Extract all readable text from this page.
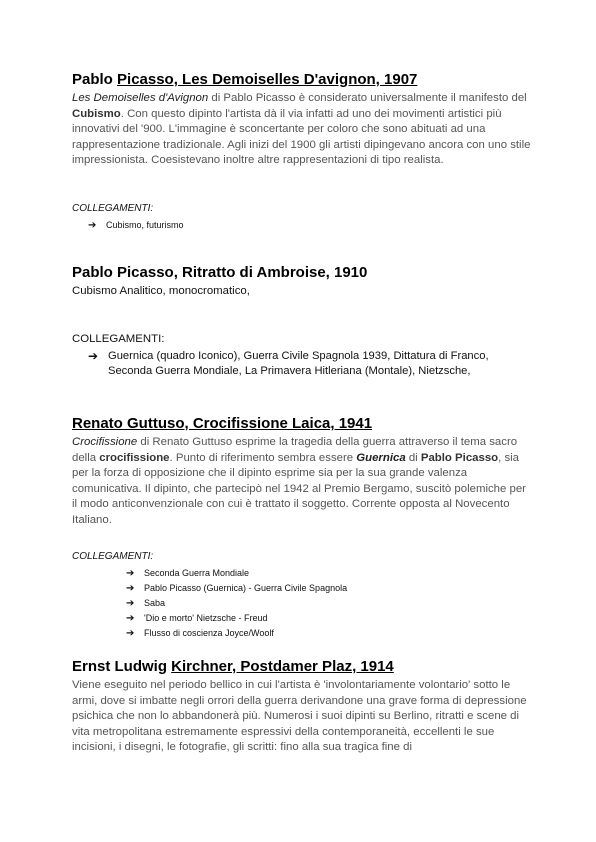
Pablo Picasso, Les Demoiselles D'avignon, 1907

Les Demoiselles d'Avignon di Pablo Picasso è considerato universalmente il manifesto del Cubismo. Con questo dipinto l'artista dà il via infatti ad uno dei movimenti artistici più innovativi del '900. L'immagine è sconcertante per coloro che sono abituati ad una rappresentazione tradizionale. Agli inizi del 1900 gli artisti dipingevano ancora con uno stile impressionista. Coesistevano inoltre altre rappresentazioni di tipo realista.

COLLEGAMENTI:

➔ Cubismo, futurismo
Pablo Picasso, Ritratto di Ambroise, 1910

Cubismo Analitico, monocromatico,

COLLEGAMENTI:

➔ Guernica (quadro Iconico), Guerra Civile Spagnola 1939, Dittatura di Franco, Seconda Guerra Mondiale, La Primavera Hitleriana (Montale), Nietzsche,
Renato Guttuso, Crocifissione Laica, 1941

Crocifissione di Renato Guttuso esprime la tragedia della guerra attraverso il tema sacro della crocifissione. Punto di riferimento sembra essere Guernica di Pablo Picasso, sia per la forza di opposizione che il dipinto esprime sia per la sua grande valenza comunicativa. Il dipinto, che partecipò nel 1942 al Premio Bergamo, suscitò polemiche per il modo anticonvenzionale con cui è trattato il soggetto. Corrente opposta al Novecento Italiano.

COLLEGAMENTI:

➔ Seconda Guerra Mondiale
➔ Pablo Picasso (Guernica) - Guerra Civile Spagnola
➔ Saba
➔ 'Dio e morto' Nietzsche - Freud
➔ Flusso di coscienza Joyce/Woolf
Ernst Ludwig Kirchner, Postdamer Plaz, 1914

Viene eseguito nel periodo bellico in cui l'artista è 'involontariamente volontario' sotto le armi, dove si imbatte negli orrori della guerra derivandone una grave forma di depressione psichica che non lo abbandonerà più. Numerosi i suoi dipinti su Berlino, ritratti e scene di vita metropolitana estremamente espressivi della contemporaneità, eccellenti le sue incisioni, i disegni, le fotografie, gli scritti: fino alla sua tragica fine di
